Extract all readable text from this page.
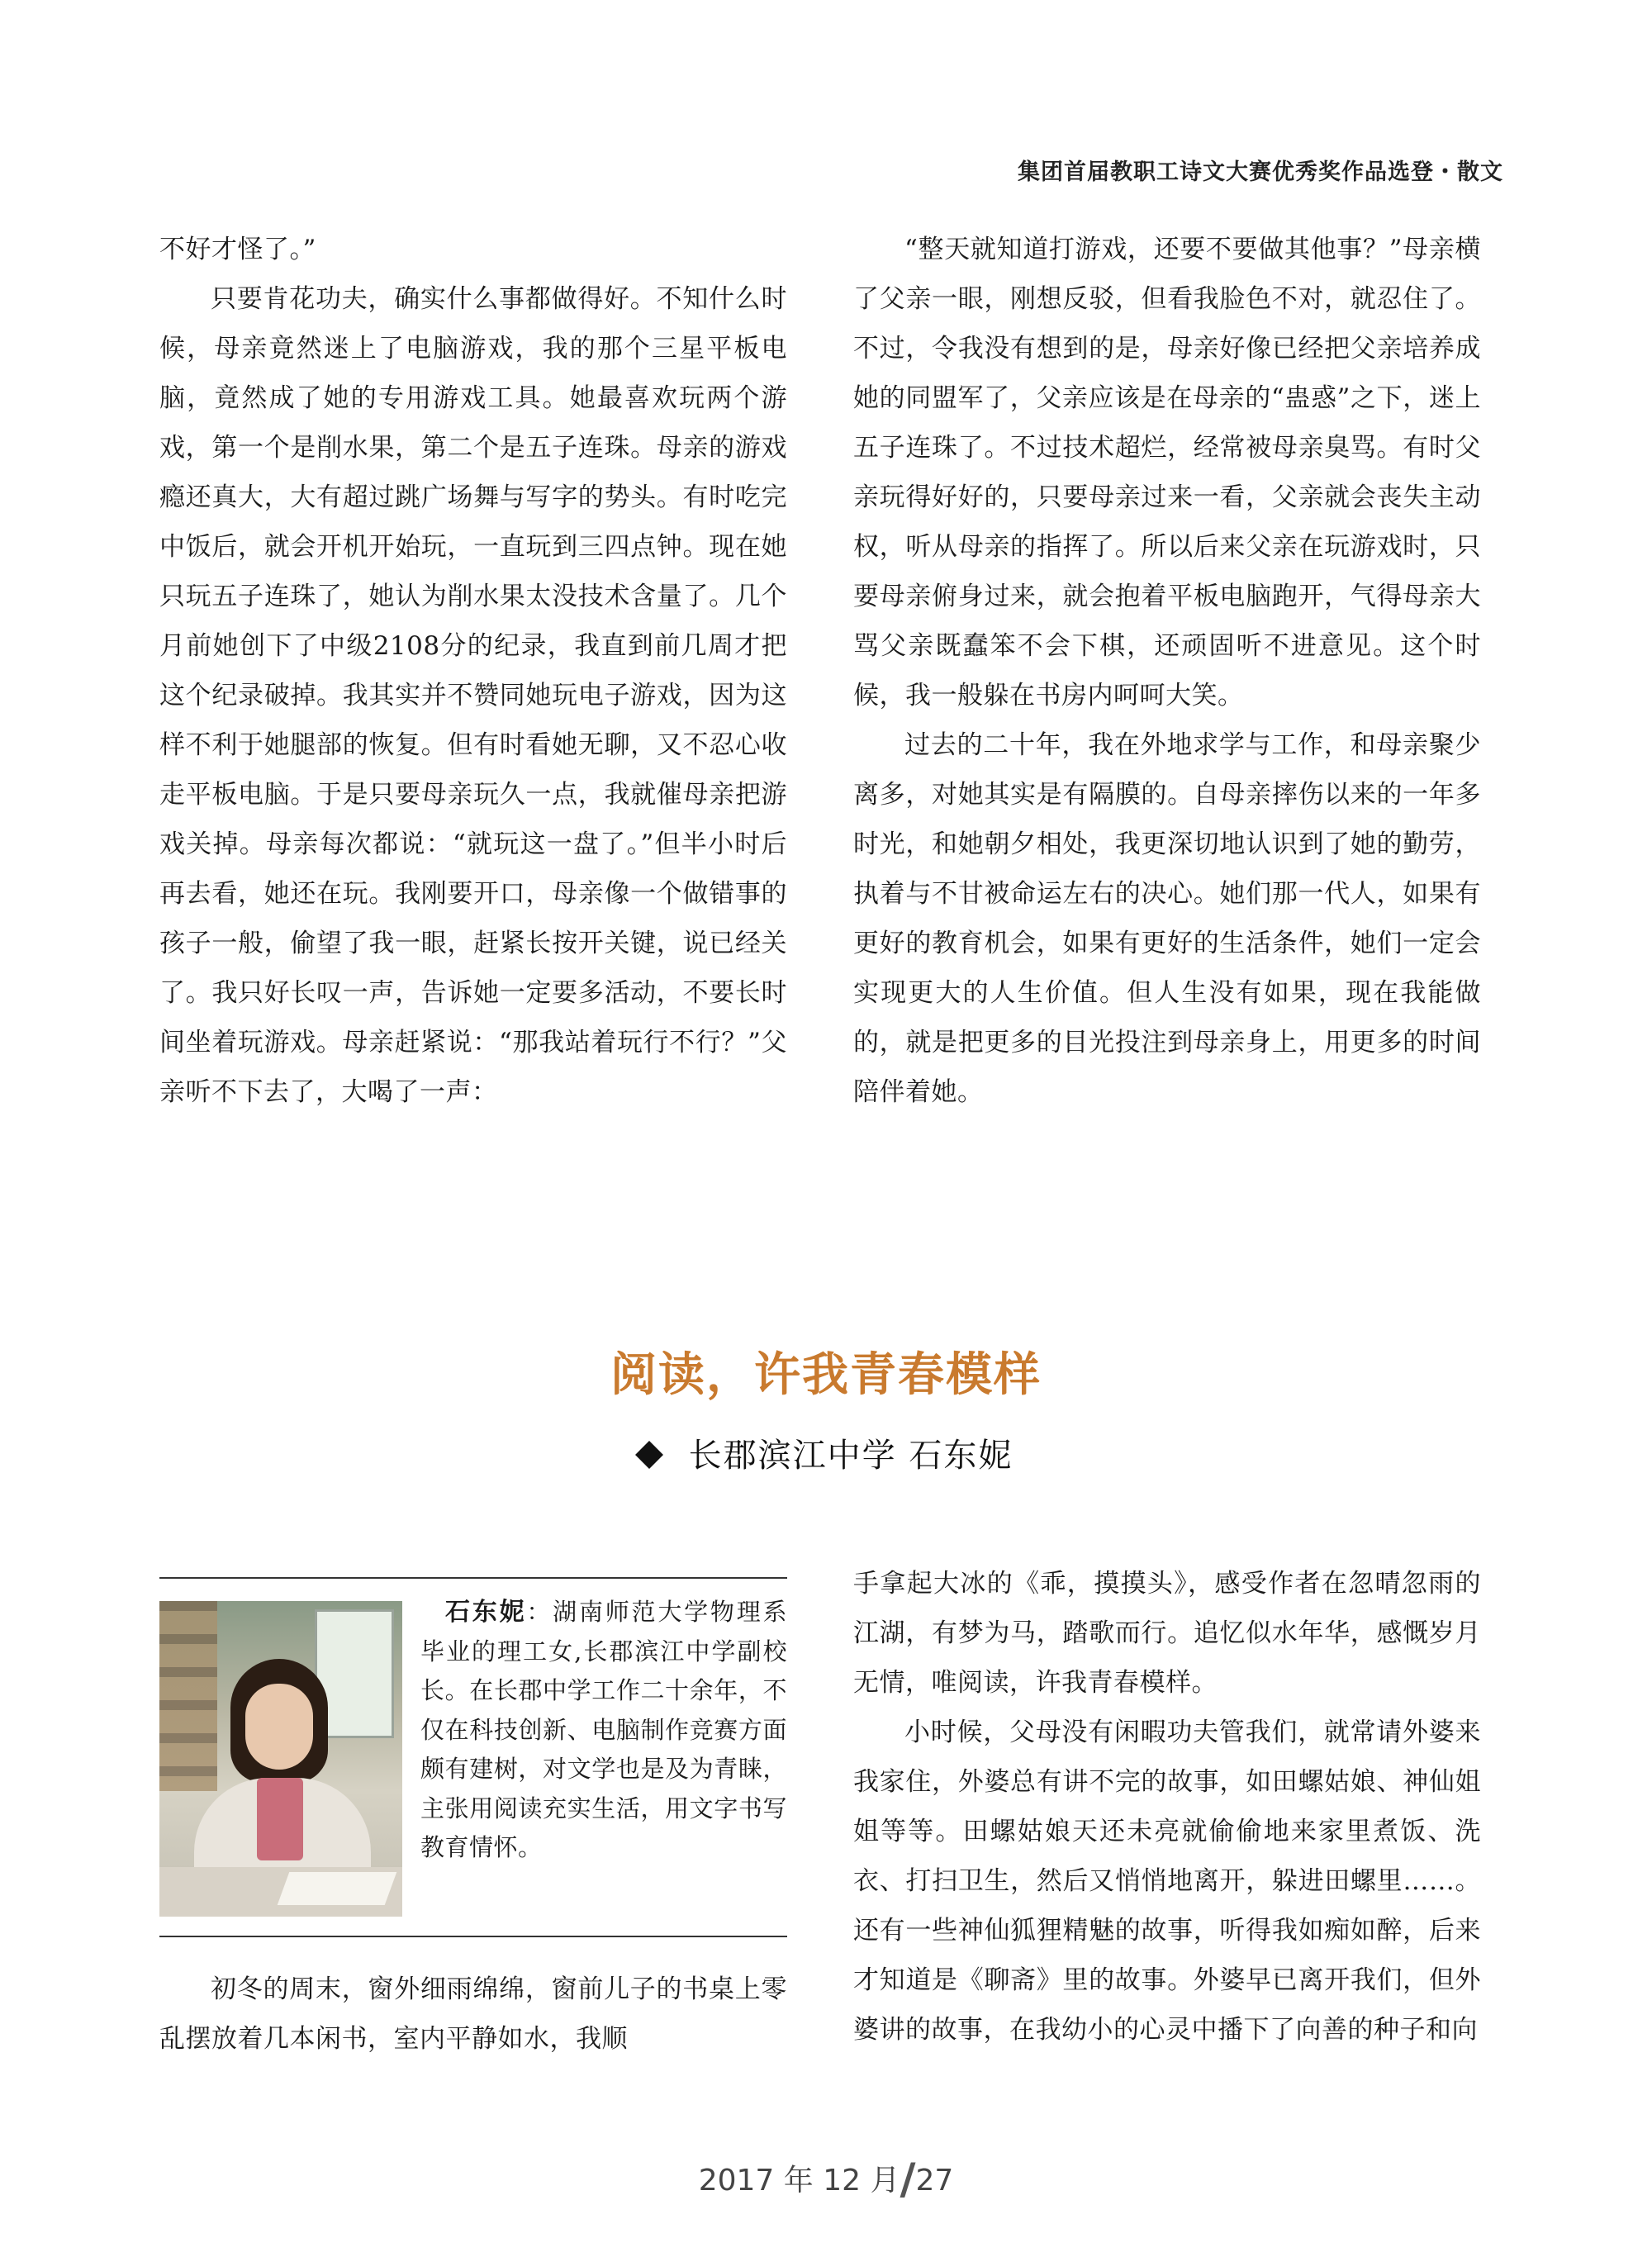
集团首届教职工诗文大赛优秀奖作品选登・散文

不好才怪了。”

只要肯花功夫，确实什么事都做得好。不知什么时候，母亲竟然迷上了电脑游戏，我的那个三星平板电脑，竟然成了她的专用游戏工具。她最喜欢玩两个游戏，第一个是削水果，第二个是五子连珠。母亲的游戏瘾还真大，大有超过跳广场舞与写字的势头。有时吃完中饭后，就会开机开始玩，一直玩到三四点钟。现在她只玩五子连珠了，她认为削水果太没技术含量了。几个月前她创下了中级2108分的纪录，我直到前几周才把这个纪录破掉。我其实并不赞同她玩电子游戏，因为这样不利于她腿部的恢复。但有时看她无聊，又不忍心收走平板电脑。于是只要母亲玩久一点，我就催母亲把游戏关掉。母亲每次都说：“就玩这一盘了。”但半小时后再去看，她还在玩。我刚要开口，母亲像一个做错事的孩子一般，偷望了我一眼，赶紧长按开关键，说已经关了。我只好长叹一声，告诉她一定要多活动，不要长时间坐着玩游戏。母亲赶紧说：“那我站着玩行不行？”父亲听不下去了，大喝了一声：

“整天就知道打游戏，还要不要做其他事？”母亲横了父亲一眼，刚想反驳，但看我脸色不对，就忍住了。不过，令我没有想到的是，母亲好像已经把父亲培养成她的同盟军了，父亲应该是在母亲的“蛊惑”之下，迷上五子连珠了。不过技术超烂，经常被母亲臭骂。有时父亲玩得好好的，只要母亲过来一看，父亲就会丧失主动权，听从母亲的指挥了。所以后来父亲在玩游戏时，只要母亲俯身过来，就会抱着平板电脑跑开，气得母亲大骂父亲既蠢笨不会下棋，还顽固听不进意见。这个时候，我一般躲在书房内呵呵大笑。

过去的二十年，我在外地求学与工作，和母亲聚少离多，对她其实是有隔膜的。自母亲摔伤以来的一年多时光，和她朝夕相处，我更深切地认识到了她的勤劳，执着与不甘被命运左右的决心。她们那一代人，如果有更好的教育机会，如果有更好的生活条件，她们一定会实现更大的人生价值。但人生没有如果，现在我能做的，就是把更多的目光投注到母亲身上，用更多的时间陪伴着她。

阅读，许我青春模样
长郡滨江中学 石东妮
石东妮：湖南师范大学物理系毕业的理工女,长郡滨江中学副校长。在长郡中学工作二十余年，不仅在科技创新、电脑制作竞赛方面颇有建树，对文学也是及为青睐，主张用阅读充实生活，用文字书写教育情怀。

初冬的周末，窗外细雨绵绵，窗前儿子的书桌上零乱摆放着几本闲书，室内平静如水，我顺

手拿起大冰的《乖，摸摸头》，感受作者在忽晴忽雨的江湖，有梦为马，踏歌而行。追忆似水年华，感慨岁月无情，唯阅读，许我青春模样。

小时候，父母没有闲暇功夫管我们，就常请外婆来我家住，外婆总有讲不完的故事，如田螺姑娘、神仙姐姐等等。田螺姑娘天还未亮就偷偷地来家里煮饭、洗衣、打扫卫生，然后又悄悄地离开，躲进田螺里……。还有一些神仙狐狸精魅的故事，听得我如痴如醉，后来才知道是《聊斋》里的故事。外婆早已离开我们，但外婆讲的故事，在我幼小的心灵中播下了向善的种子和向

2017 年 12 月/27
